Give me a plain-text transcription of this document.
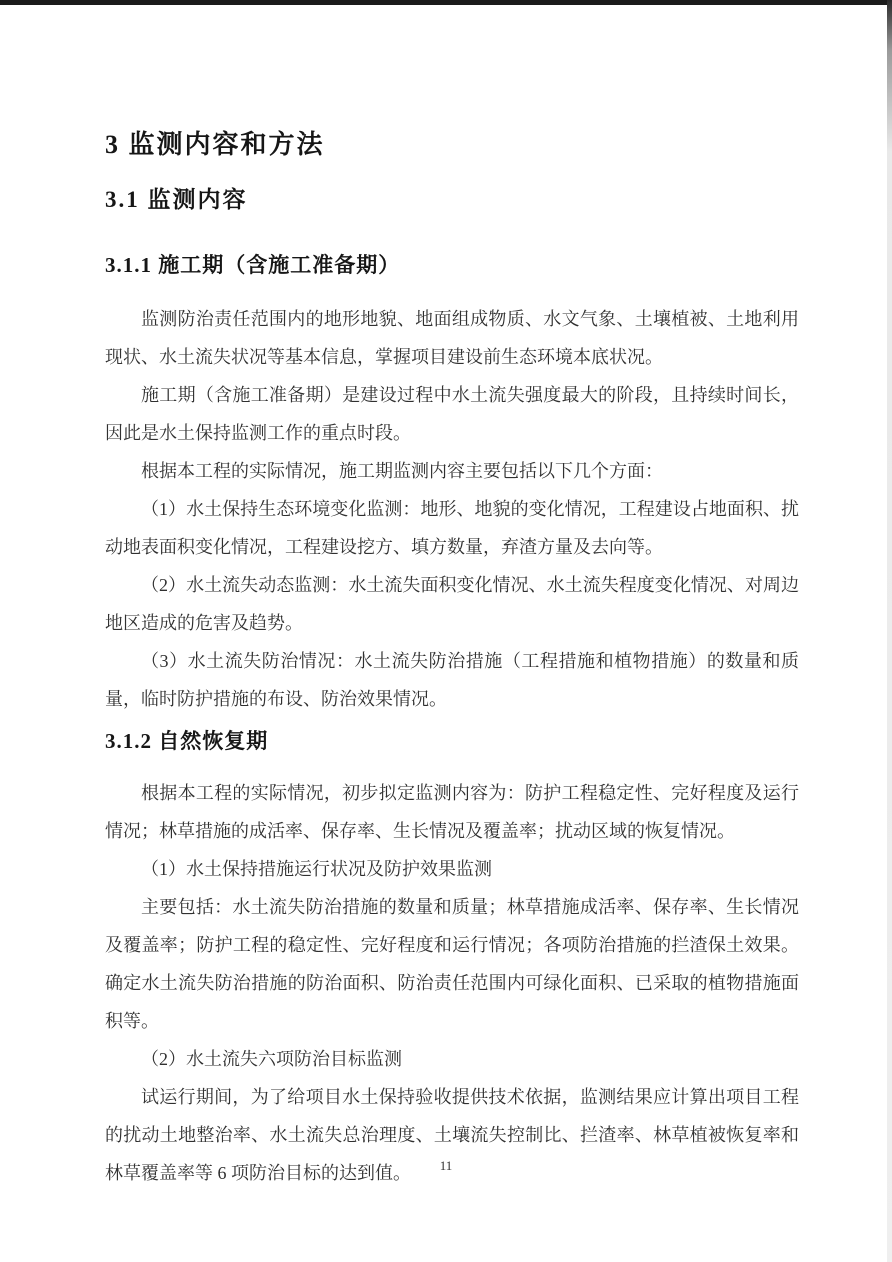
3 监测内容和方法
3.1 监测内容
3.1.1 施工期（含施工准备期）

监测防治责任范围内的地形地貌、地面组成物质、水文气象、土壤植被、土地利用现状、水土流失状况等基本信息，掌握项目建设前生态环境本底状况。

施工期（含施工准备期）是建设过程中水土流失强度最大的阶段，且持续时间长，因此是水土保持监测工作的重点时段。

根据本工程的实际情况，施工期监测内容主要包括以下几个方面：

（1）水土保持生态环境变化监测：地形、地貌的变化情况，工程建设占地面积、扰动地表面积变化情况，工程建设挖方、填方数量，弃渣方量及去向等。

（2）水土流失动态监测：水土流失面积变化情况、水土流失程度变化情况、对周边地区造成的危害及趋势。

（3）水土流失防治情况：水土流失防治措施（工程措施和植物措施）的数量和质量，临时防护措施的布设、防治效果情况。

3.1.2 自然恢复期

根据本工程的实际情况，初步拟定监测内容为：防护工程稳定性、完好程度及运行情况；林草措施的成活率、保存率、生长情况及覆盖率；扰动区域的恢复情况。

（1）水土保持措施运行状况及防护效果监测

主要包括：水土流失防治措施的数量和质量；林草措施成活率、保存率、生长情况及覆盖率；防护工程的稳定性、完好程度和运行情况；各项防治措施的拦渣保土效果。确定水土流失防治措施的防治面积、防治责任范围内可绿化面积、已采取的植物措施面积等。

（2）水土流失六项防治目标监测

试运行期间，为了给项目水土保持验收提供技术依据，监测结果应计算出项目工程的扰动土地整治率、水土流失总治理度、土壤流失控制比、拦渣率、林草植被恢复率和林草覆盖率等 6 项防治目标的达到值。	11
